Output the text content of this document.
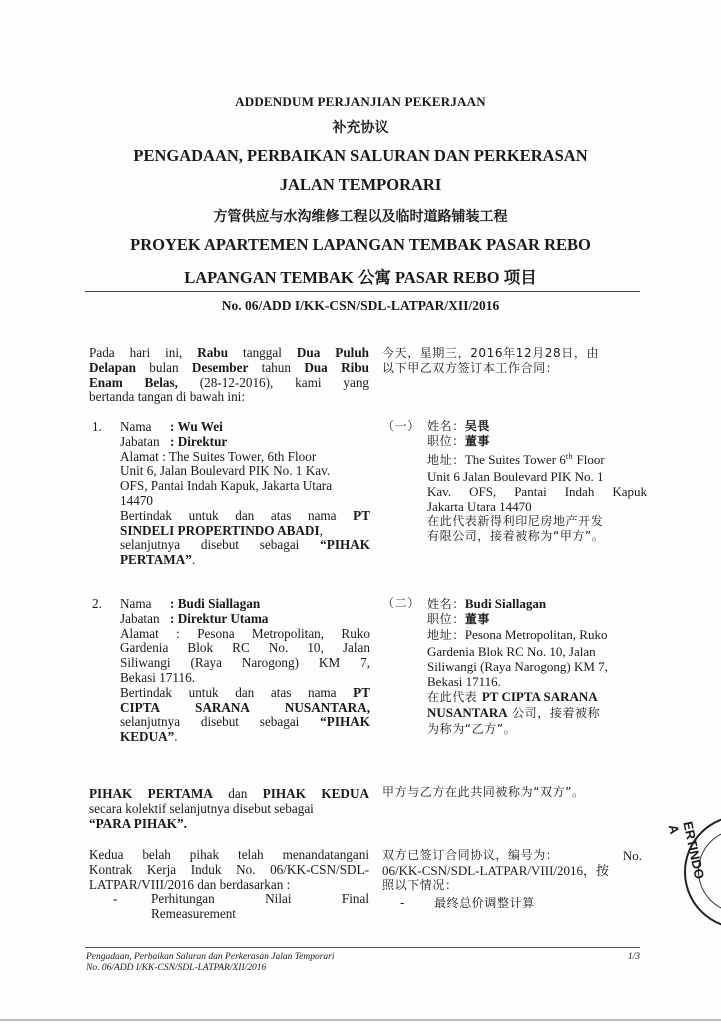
ADDENDUM PERJANJIAN PEKERJAAN
补充协议
PENGADAAN, PERBAIKAN SALURAN DAN PERKERASAN
JALAN TEMPORARI
方管供应与水沟维修工程以及临时道路铺装工程
PROYEK APARTEMEN LAPANGAN TEMBAK PASAR REBO
LAPANGAN TEMBAK 公寓 PASAR REBO 项目
No. 06/ADD I/KK-CSN/SDL-LATPAR/XII/2016
Pada hari ini, Rabu tanggal Dua Puluh
Delapan bulan Desember tahun Dua Ribu
Enam Belas, (28-12-2016), kami yang
bertanda tangan di bawah ini:
今天，星期三，2016年12月28日，由
以下甲乙双方签订本工作合同：
1.	Nama : Wu Wei
Jabatan : Direktur
Alamat : The Suites Tower, 6th Floor
Unit 6, Jalan Boulevard PIK No. 1 Kav.
OFS, Pantai Indah Kapuk, Jakarta Utara
14470
Bertindak untuk dan atas nama PT
SINDELI PROPERTINDO ABADI,
selanjutnya disebut sebagai “PIHAK
PERTAMA”.
（一） 姓名：吴畏
职位：董事
地址：The Suites Tower 6th Floor
Unit 6 Jalan Boulevard PIK No. 1
Kav. OFS, Pantai Indah Kapuk
Jakarta Utara 14470
在此代表新得利印尼房地产开发
有限公司，接着被称为“甲方”。
2.	Nama : Budi Siallagan
Jabatan : Direktur Utama
Alamat : Pesona Metropolitan, Ruko
Gardenia Blok RC No. 10, Jalan
Siliwangi (Raya Narogong) KM 7,
Bekasi 17116.
Bertindak untuk dan atas nama PT
CIPTA SARANA NUSANTARA,
selanjutnya disebut sebagai “PIHAK
KEDUA”.
（二） 姓名：Budi Siallagan
职位：董事
地址：Pesona Metropolitan, Ruko
Gardenia Blok RC No. 10, Jalan
Siliwangi (Raya Narogong) KM 7,
Bekasi 17116.
在此代表 PT CIPTA SARANA
NUSANTARA 公司，接着被称
为称为“乙方”。
PIHAK PERTAMA dan PIHAK KEDUA
secara kolektif selanjutnya disebut sebagai
“PARA PIHAK”.
甲方与乙方在此共同被称为“双方”。
Kedua belah pihak telah menandatangani
Kontrak Kerja Induk No. 06/KK-CSN/SDL-
LATPAR/VIII/2016 dan berdasarkan :
-	Perhitungan	Nilai	Final
Remeasurement
双方已签订合同协议，编号为：	No.
06/KK-CSN/SDL-LATPAR/VIII/2016，按
照以下情况：
- 最终总价调整计算
ERTINDO A
Pengadaan, Perbaikan Saluran dan Perkerasan Jalan Temporari
No. 06/ADD I/KK-CSN/SDL-LATPAR/XII/2016
1/3
